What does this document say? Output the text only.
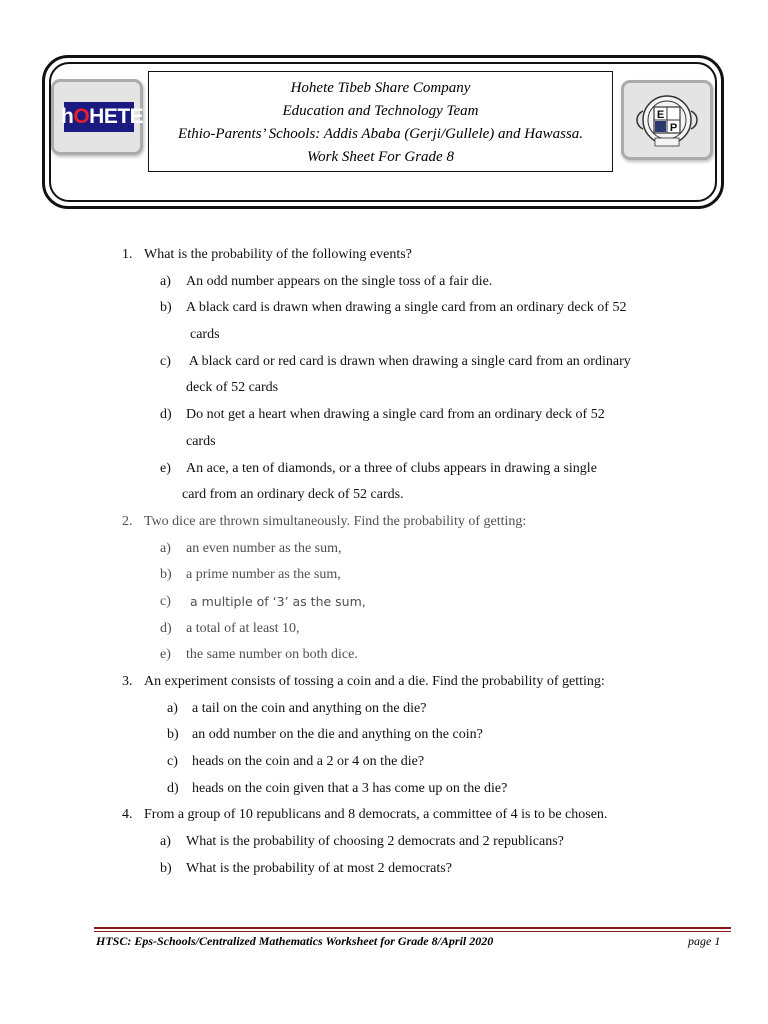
hOHETE	E
P
Hohete Tibeb Share Company
Education and Technology Team
Ethio-Parents’ Schools: Addis Ababa (Gerji/Gullele) and Hawassa.
Work Sheet For Grade 8
1. What is the probability of the following events?
a) An odd number appears on the single toss of a fair die.
b) A black card is drawn when drawing a single card from an ordinary deck of 52
cards
c) A black card or red card is drawn when drawing a single card from an ordinary
deck of 52 cards
d) Do not get a heart when drawing a single card from an ordinary deck of 52
cards
e) An ace, a ten of diamonds, or a three of clubs appears in drawing a single
card from an ordinary deck of 52 cards.
2. Two dice are thrown simultaneously. Find the probability of getting:
a) an even number as the sum,
b) a prime number as the sum,
c) a multiple of ‘3’ as the sum,
d) a total of at least 10,
e) the same number on both dice.
3. An experiment consists of tossing a coin and a die. Find the probability of getting:
a) a tail on the coin and anything on the die?
b) an odd number on the die and anything on the coin?
c) heads on the coin and a 2 or 4 on the die?
d) heads on the coin given that a 3 has come up on the die?
4. From a group of 10 republicans and 8 democrats, a committee of 4 is to be chosen.
a) What is the probability of choosing 2 democrats and 2 republicans?
b) What is the probability of at most 2 democrats?
HTSC: Eps-Schools/Centralized Mathematics Worksheet for Grade 8/April 2020	page 1
